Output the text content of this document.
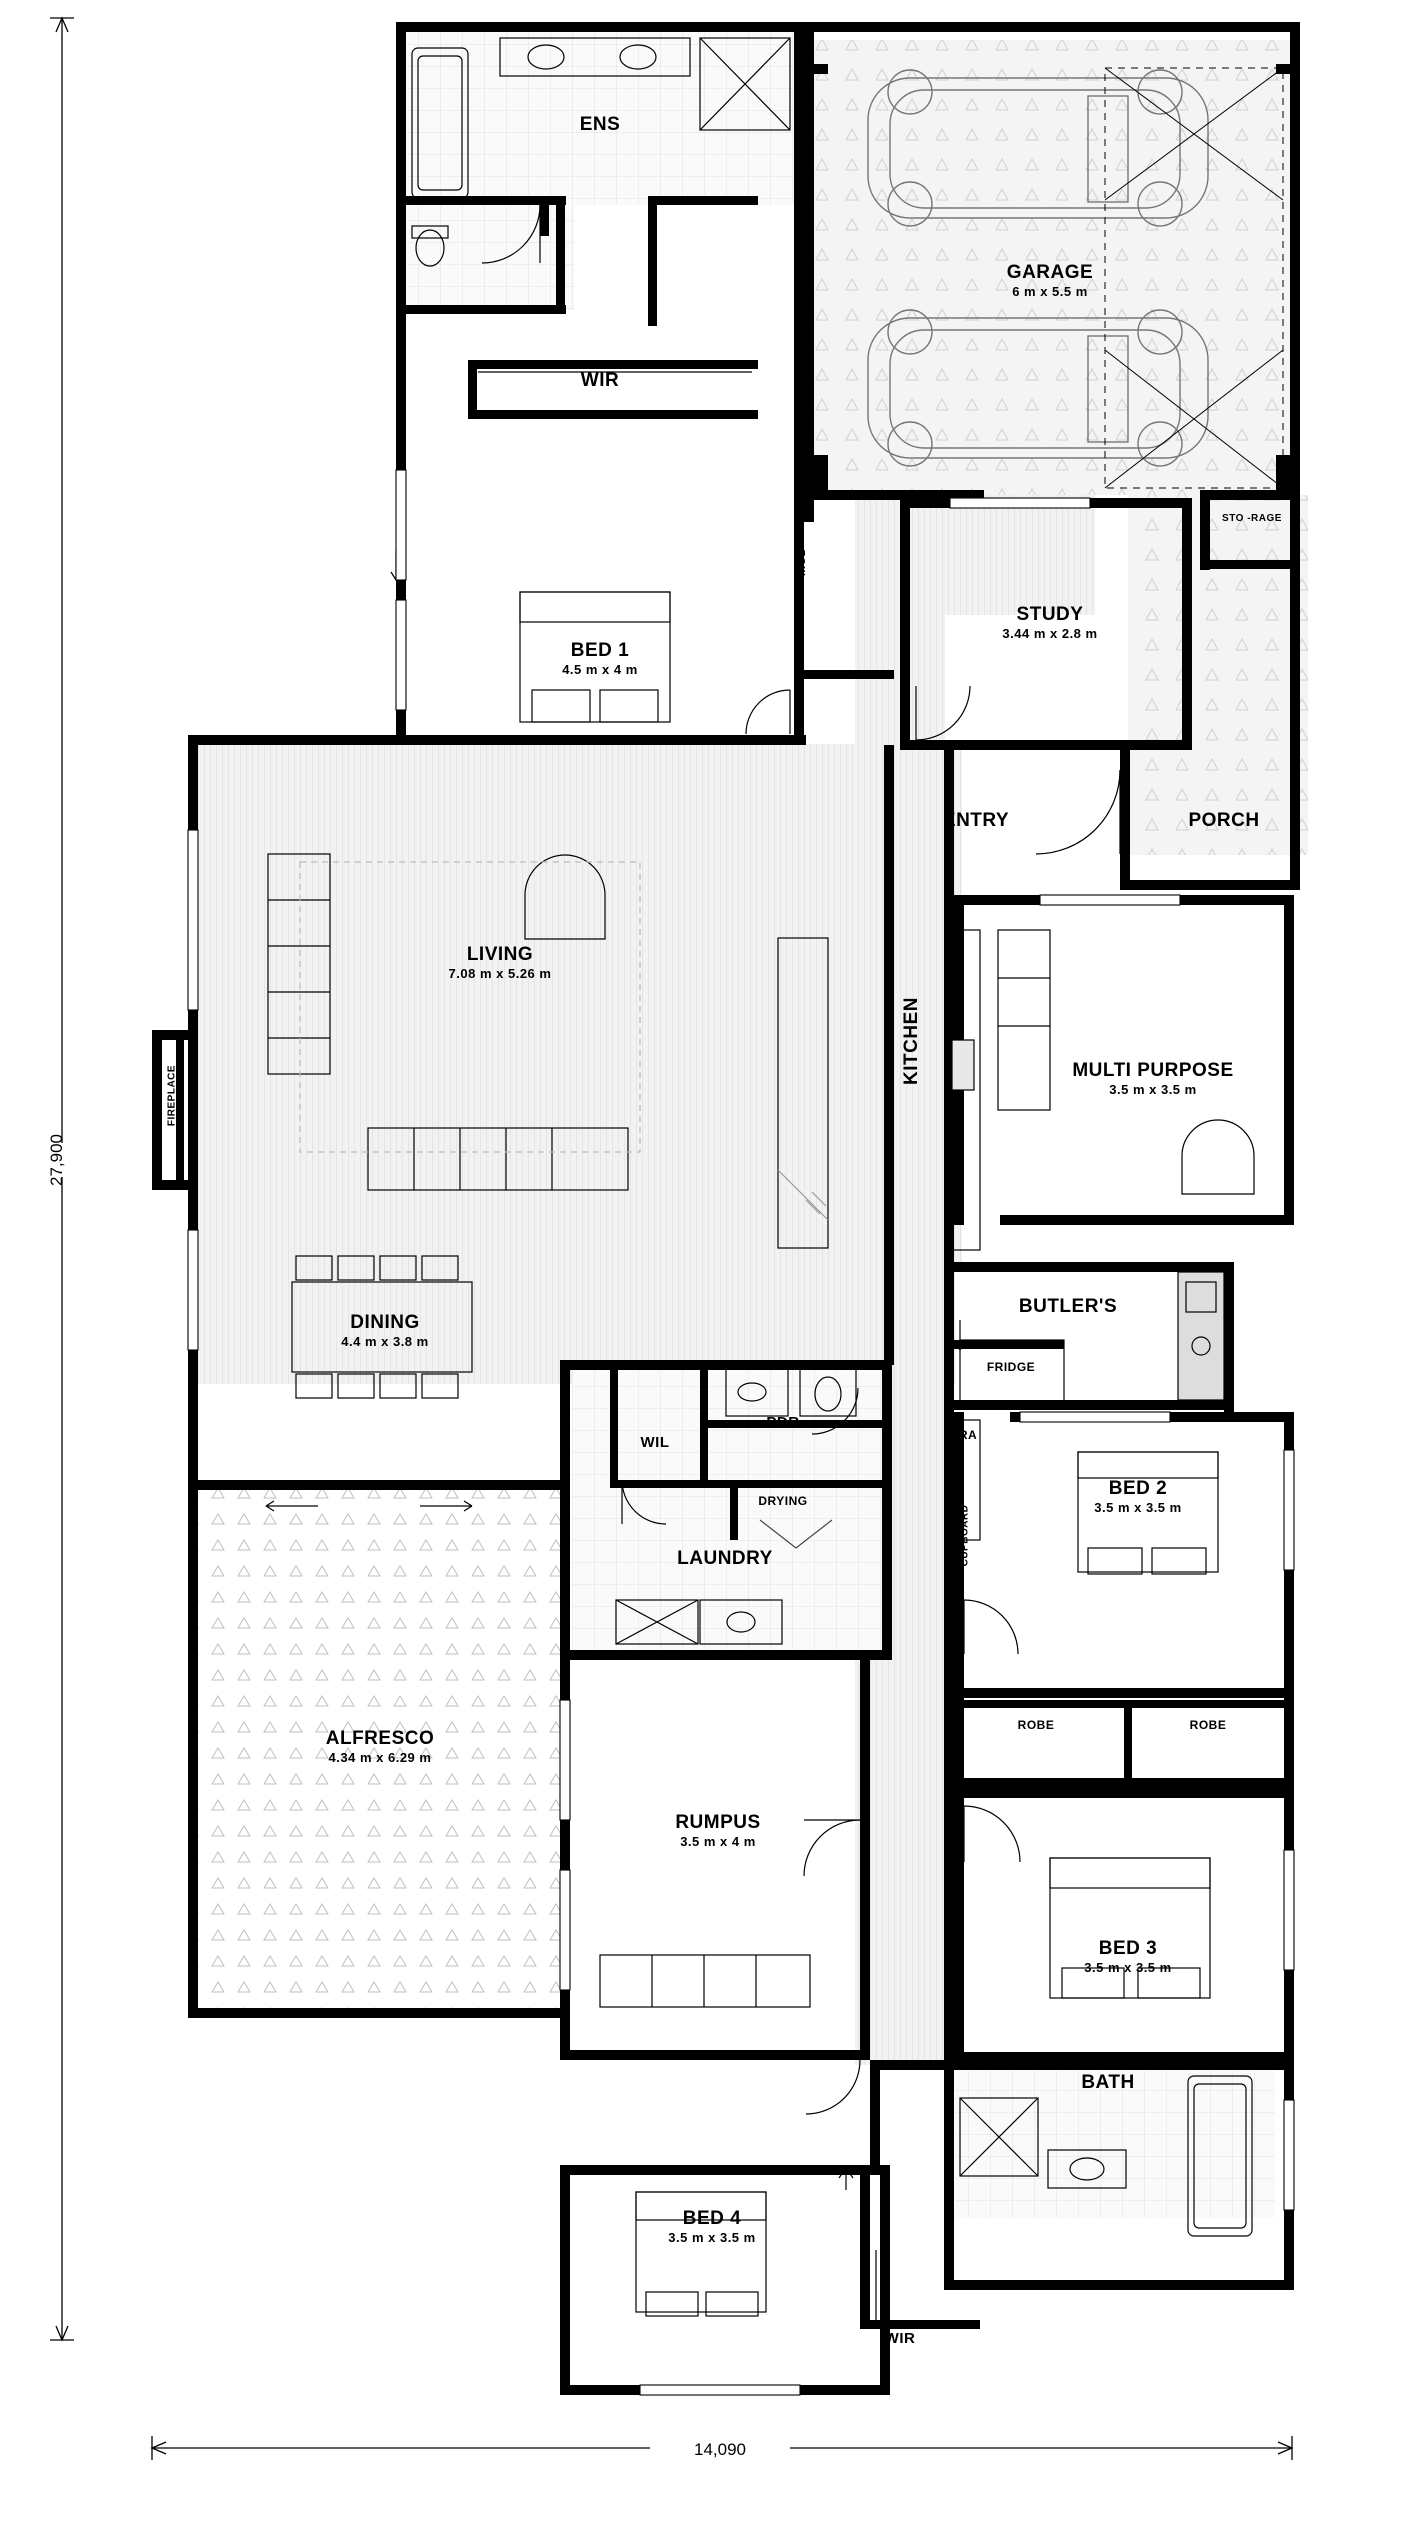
27,900
14,090
ENS
WIR
GARAGE
6 m x 5.5 m
STO -RAGE
STUDY
3.44 m x 2.8 m
MUD
BED 1
4.5 m x 4 m
ENTRY	PORCH
LIVING
7.08 m x 5.26 m
FIREPLACE
KITCHEN	MULTI PURPOSE
3.5 m x 3.5 m
DINING
4.4 m x 3.8 m
BUTLER'S
FRIDGE
RA
CUPBOARD
WIL
PDR
DRYING
LAUNDRY
BED 2
3.5 m x 3.5 m
ROBE	ROBE
ALFRESCO
4.34 m x 6.29 m
RUMPUS
3.5 m x 4 m
BED 3
3.5 m x 3.5 m
BATH
BED 4
3.5 m x 3.5 m
WIR
